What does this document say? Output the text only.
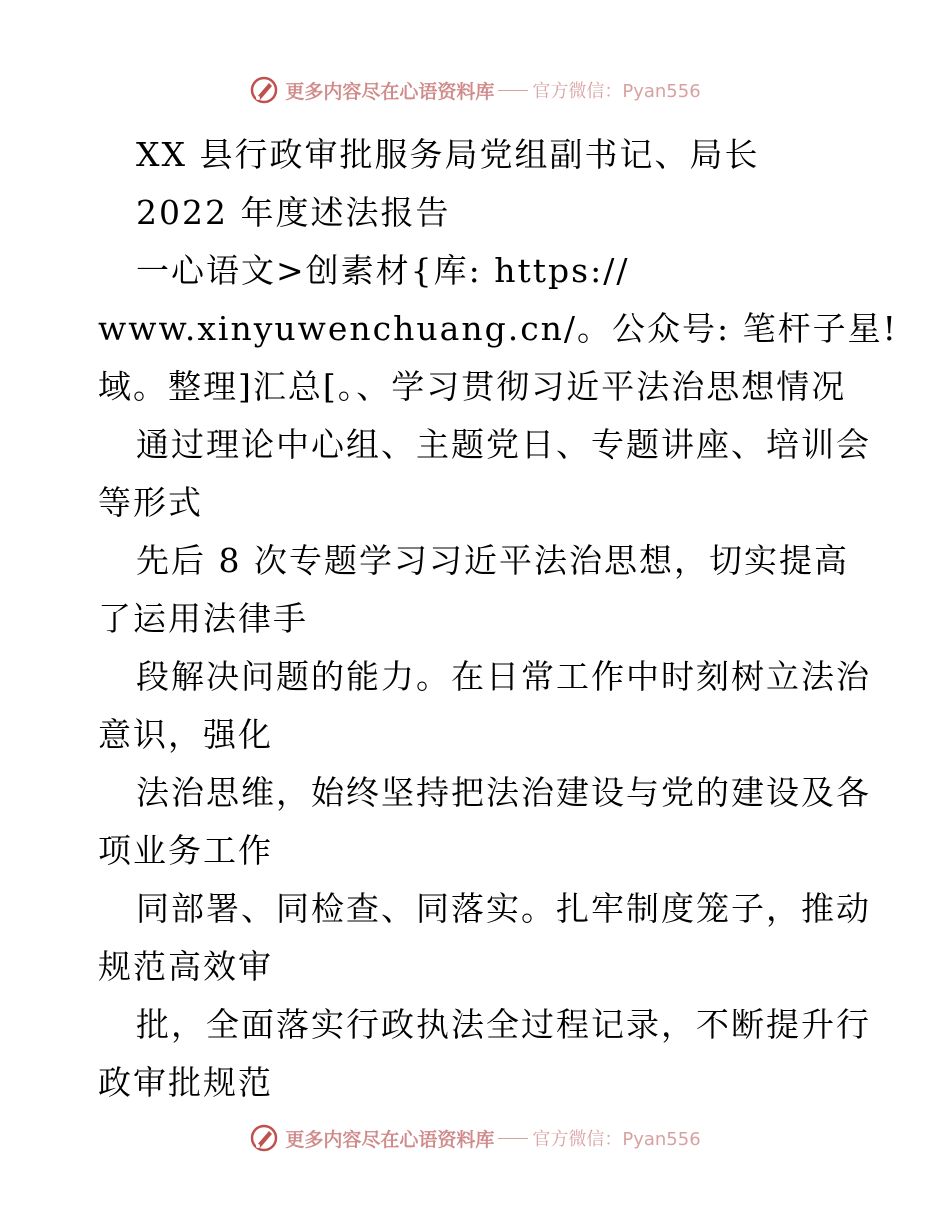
更多内容尽在心语资料库 官方微信：Pyan556
XX 县行政审批服务局党组副书记、局长
2022 年度述法报告
一心语文>创素材{库: https://
www.xinyuwenchuang.cn/。公众号: 笔杆子星!
域。整理]汇总[。、学习贯彻习近平法治思想情况
通过理论中心组、主题党日、专题讲座、培训会
等形式
先后 8 次专题学习习近平法治思想，切实提高
了运用法律手
段解决问题的能力。在日常工作中时刻树立法治
意识，强化
法治思维，始终坚持把法治建设与党的建设及各
项业务工作
同部署、同检查、同落实。扎牢制度笼子，推动
规范高效审
批，全面落实行政执法全过程记录，不断提升行
政审批规范
更多内容尽在心语资料库 官方微信：Pyan556
